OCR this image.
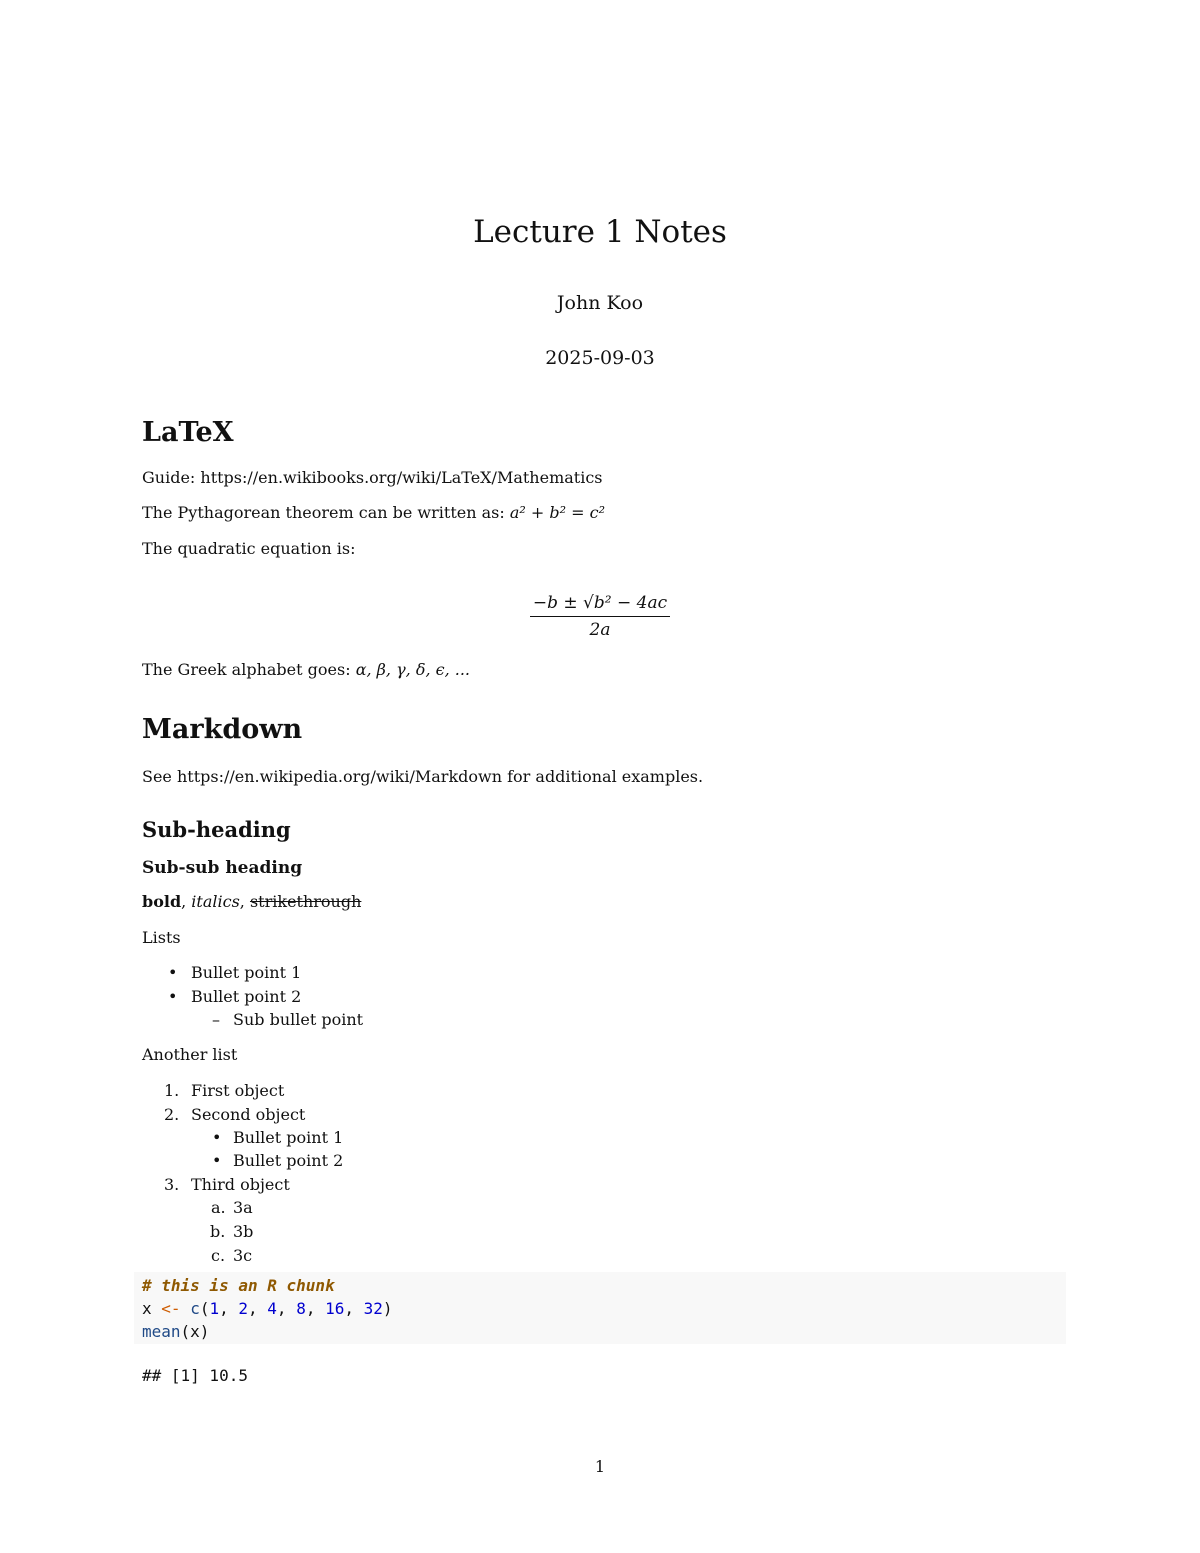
Lecture 1 Notes
John Koo
2025-09-03
LaTeX
Guide: https://en.wikibooks.org/wiki/LaTeX/Mathematics
The Pythagorean theorem can be written as: a² + b² = c²
The quadratic equation is:
$\frac{\text{−b ± √b² − 4ac}}{2a}$
The Greek alphabet goes: α, β, γ, δ, ϵ, ...
Markdown
See https://en.wikipedia.org/wiki/Markdown for additional examples.
Sub-heading
Sub-sub heading
bold, italics, strikethrough
Lists
• Bullet point 1
• Bullet point 2
– Sub bullet point
Another list
1. First object
2. Second object
• Bullet point 1
• Bullet point 2
3. Third object
a. 3a
b. 3b
c. 3c
# this is an R chunk
x <- c(1, 2, 4, 8, 16, 32)
mean(x)
## [1] 10.5
1
